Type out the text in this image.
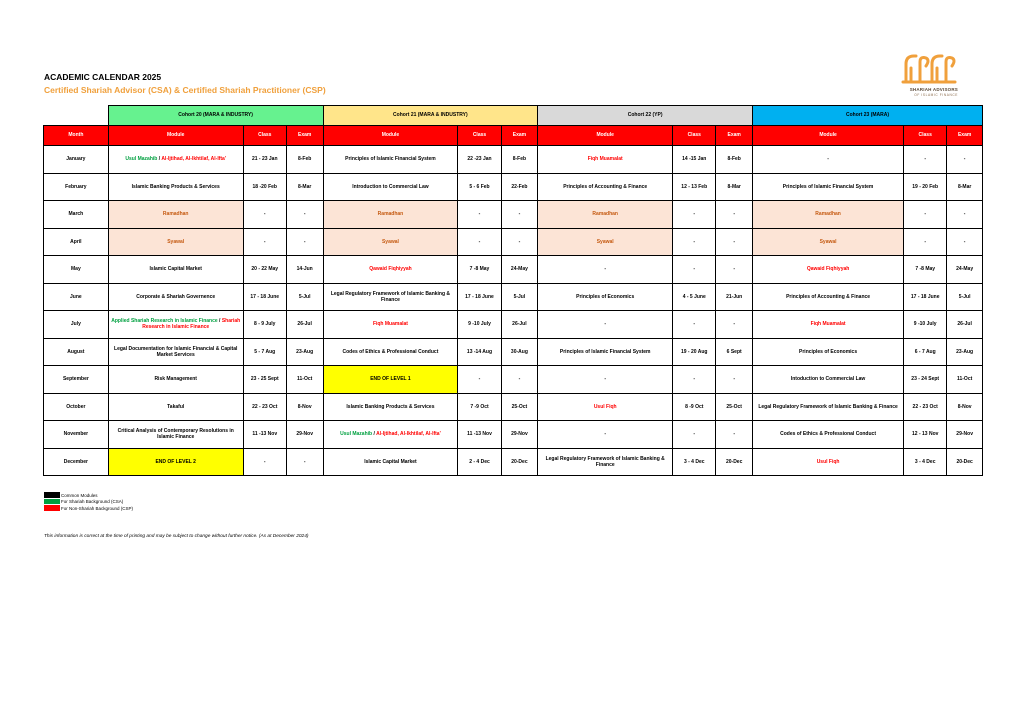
ACADEMIC CALENDAR 2025
Certified Shariah Advisor (CSA) & Certified Shariah Practitioner (CSP)	SHARIAH ADVISORS
OF ISLAMIC FINANCE
	Cohort 20 (MARA & INDUSTRY)			Cohort 21 (MARA & INDUSTRY)			Cohort 22 (YP)			Cohort 23 (MARA)		
Month	Module	Class	Exam	Module	Class	Exam	Module	Class	Exam	Module	Class	Exam
January	Usul Mazahib / Al-Ijtihad, Al-Ikhtilaf, Al-Ifta'	21 - 23 Jan	8-Feb	Principles of Islamic Financial System	22 -23 Jan	8-Feb	Fiqh Muamalat	14 -15 Jan	8-Feb	-	-	-
February	Islamic Banking Products & Services	18 -20 Feb	8-Mar	Introduction to Commercial Law	5 - 6 Feb	22-Feb	Principles of Accounting & Finance	12 - 13 Feb	8-Mar	Principles of Islamic Financial System	19 - 20 Feb	8-Mar
March	Ramadhan	-	-	Ramadhan	-	-	Ramadhan	-	-	Ramadhan	-	-
April	Syawal	-	-	Syawal	-	-	Syawal	-	-	Syawal	-	-
May	Islamic Capital Market	20 - 22 May	14-Jun	Qawaid Fiqhiyyah	7 -8 May	24-May	-	-	-	Qawaid Fiqhiyyah	7 -8 May	24-May
June	Corporate & Shariah Governence	17 - 18 June	5-Jul	Legal Regulatory Framework of Islamic Banking & Finance	17 - 18 June	5-Jul	Principles of Economics	4 - 5 June	21-Jun	Principles of Accounting & Finance	17 - 18 June	5-Jul
July	Applied Shariah Research in Islamic Finance / Shariah Research in Islamic Finance	8 - 9 July	26-Jul	Fiqh Muamalat	9 -10 July	26-Jul	-	-	-	Fiqh Muamalat	9 -10 July	26-Jul
August	Legal Documentation for Islamic Financial & Capital Market Services	5 - 7 Aug	23-Aug	Codes of Ethics & Professional Conduct	13 -14 Aug	30-Aug	Principles of Islamic Financial System	19 - 20 Aug	6 Sept	Principles of Economics	6 - 7 Aug	23-Aug
September	Risk Management	23 - 25 Sept	11-Oct	END OF LEVEL 1	-	-	-	-	-	Intoduction to Commercial Law	23 - 24 Sept	11-Oct
October	Takaful	22 - 23 Oct	8-Nov	Islamic Banking Products & Services	7 -9 Oct	25-Oct	Usul Fiqh	8 -9 Oct	25-Oct	Legal Regulatory Framework of Islamic Banking & Finance	22 - 23 Oct	8-Nov
November	Critical Analysis of Contemporary Resolutions in Islamic Finance	11 -13 Nov	29-Nov	Usul Mazahib / Al-Ijtihad, Al-Ikhtilaf, Al-Ifta'	11 -13 Nov	29-Nov	-	-	-	Codes of Ethics & Professional Conduct	12 - 13 Nov	29-Nov
December	END OF LEVEL 2	-	-	Islamic Capital Market	2 - 4 Dec	20-Dec	Legal Regulatory Framework of Islamic Banking & Finance	3 - 4 Dec	20-Dec	Usul Fiqh	3 - 4 Dec	20-Dec
Common Modules
For Shariah Background (CSA)
For Non-Shariah Background (CSP)
This information is correct at the time of printing and may be subject to change without further notice. (As at December 2024)
